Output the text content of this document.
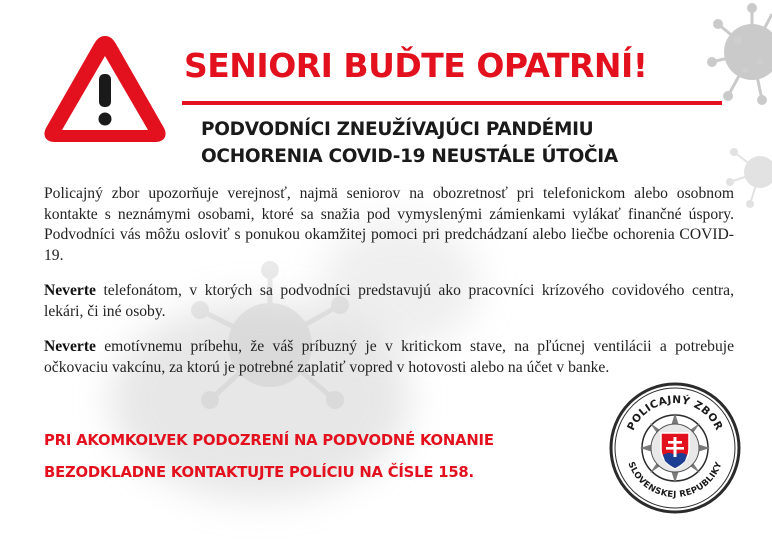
SENIORI BUĎTE OPATRNÍ!
PODVODNÍCI ZNEUŽÍVAJÚCI PANDÉMIU
OCHORENIA COVID-19 NEUSTÁLE ÚTOČIA

Policajný zbor upozorňuje verejnosť, najmä seniorov na obozretnosť pri telefonickom alebo osobnom kontakte s neznámymi osobami, ktoré sa snažia pod vymyslenými zámienkami vylákať finančné úspory. Podvodníci vás môžu osloviť s ponukou okamžitej pomoci pri predchádzaní alebo liečbe ochorenia COVID-19.

Neverte telefonátom, v ktorých sa podvodníci predstavujú ako pracovníci krízového covidového centra, lekári, či iné osoby.

Neverte emotívnemu príbehu, že váš príbuzný je v kritickom stave, na pľúcnej ventilácii a potrebuje očkovaciu vakcínu, za ktorú je potrebné zaplatiť vopred v hotovosti alebo na účet v banke.

PRI AKOMKOĽVEK PODOZRENÍ NA PODVODNÉ KONANIE
BEZODKLADNE KONTAKTUJTE POLÍCIU NA ČÍSLE 158.
POLICAJNÝ ZBOR
SLOVENSKEJ REPUBLIKY
